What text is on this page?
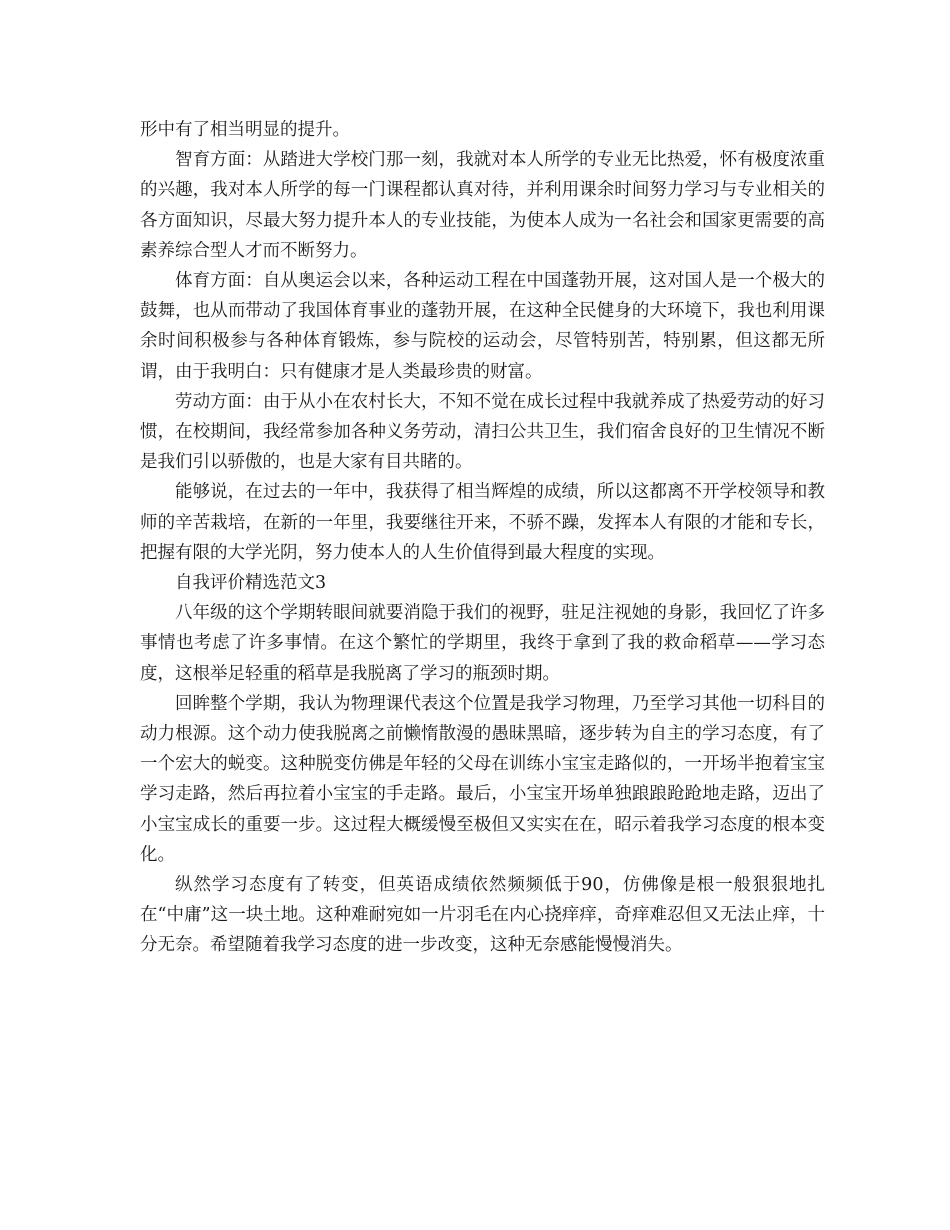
形中有了相当明显的提升。

智育方面：从踏进大学校门那一刻，我就对本人所学的专业无比热爱，怀有极度浓重的兴趣，我对本人所学的每一门课程都认真对待，并利用课余时间努力学习与专业相关的各方面知识，尽最大努力提升本人的专业技能，为使本人成为一名社会和国家更需要的高素养综合型人才而不断努力。

体育方面：自从奥运会以来，各种运动工程在中国蓬勃开展，这对国人是一个极大的鼓舞，也从而带动了我国体育事业的蓬勃开展，在这种全民健身的大环境下，我也利用课余时间积极参与各种体育锻炼，参与院校的运动会，尽管特别苦，特别累，但这都无所谓，由于我明白：只有健康才是人类最珍贵的财富。

劳动方面：由于从小在农村长大，不知不觉在成长过程中我就养成了热爱劳动的好习惯，在校期间，我经常参加各种义务劳动，清扫公共卫生，我们宿舍良好的卫生情况不断是我们引以骄傲的，也是大家有目共睹的。

能够说，在过去的一年中，我获得了相当辉煌的成绩，所以这都离不开学校领导和教师的辛苦栽培，在新的一年里，我要继往开来，不骄不躁，发挥本人有限的才能和专长，把握有限的大学光阴，努力使本人的人生价值得到最大程度的实现。

自我评价精选范文3

八年级的这个学期转眼间就要消隐于我们的视野，驻足注视她的身影，我回忆了许多事情也考虑了许多事情。在这个繁忙的学期里，我终于拿到了我的救命稻草——学习态度，这根举足轻重的稻草是我脱离了学习的瓶颈时期。

回眸整个学期，我认为物理课代表这个位置是我学习物理，乃至学习其他一切科目的动力根源。这个动力使我脱离之前懒惰散漫的愚昧黑暗，逐步转为自主的学习态度，有了一个宏大的蜕变。这种脱变仿佛是年轻的父母在训练小宝宝走路似的，一开场半抱着宝宝学习走路，然后再拉着小宝宝的手走路。最后，小宝宝开场单独踉踉跄跄地走路，迈出了小宝宝成长的重要一步。这过程大概缓慢至极但又实实在在，昭示着我学习态度的根本变化。

纵然学习态度有了转变，但英语成绩依然频频低于90，仿佛像是根一般狠狠地扎在“中庸”这一块土地。这种难耐宛如一片羽毛在内心挠痒痒，奇痒难忍但又无法止痒，十分无奈。希望随着我学习态度的进一步改变，这种无奈感能慢慢消失。
